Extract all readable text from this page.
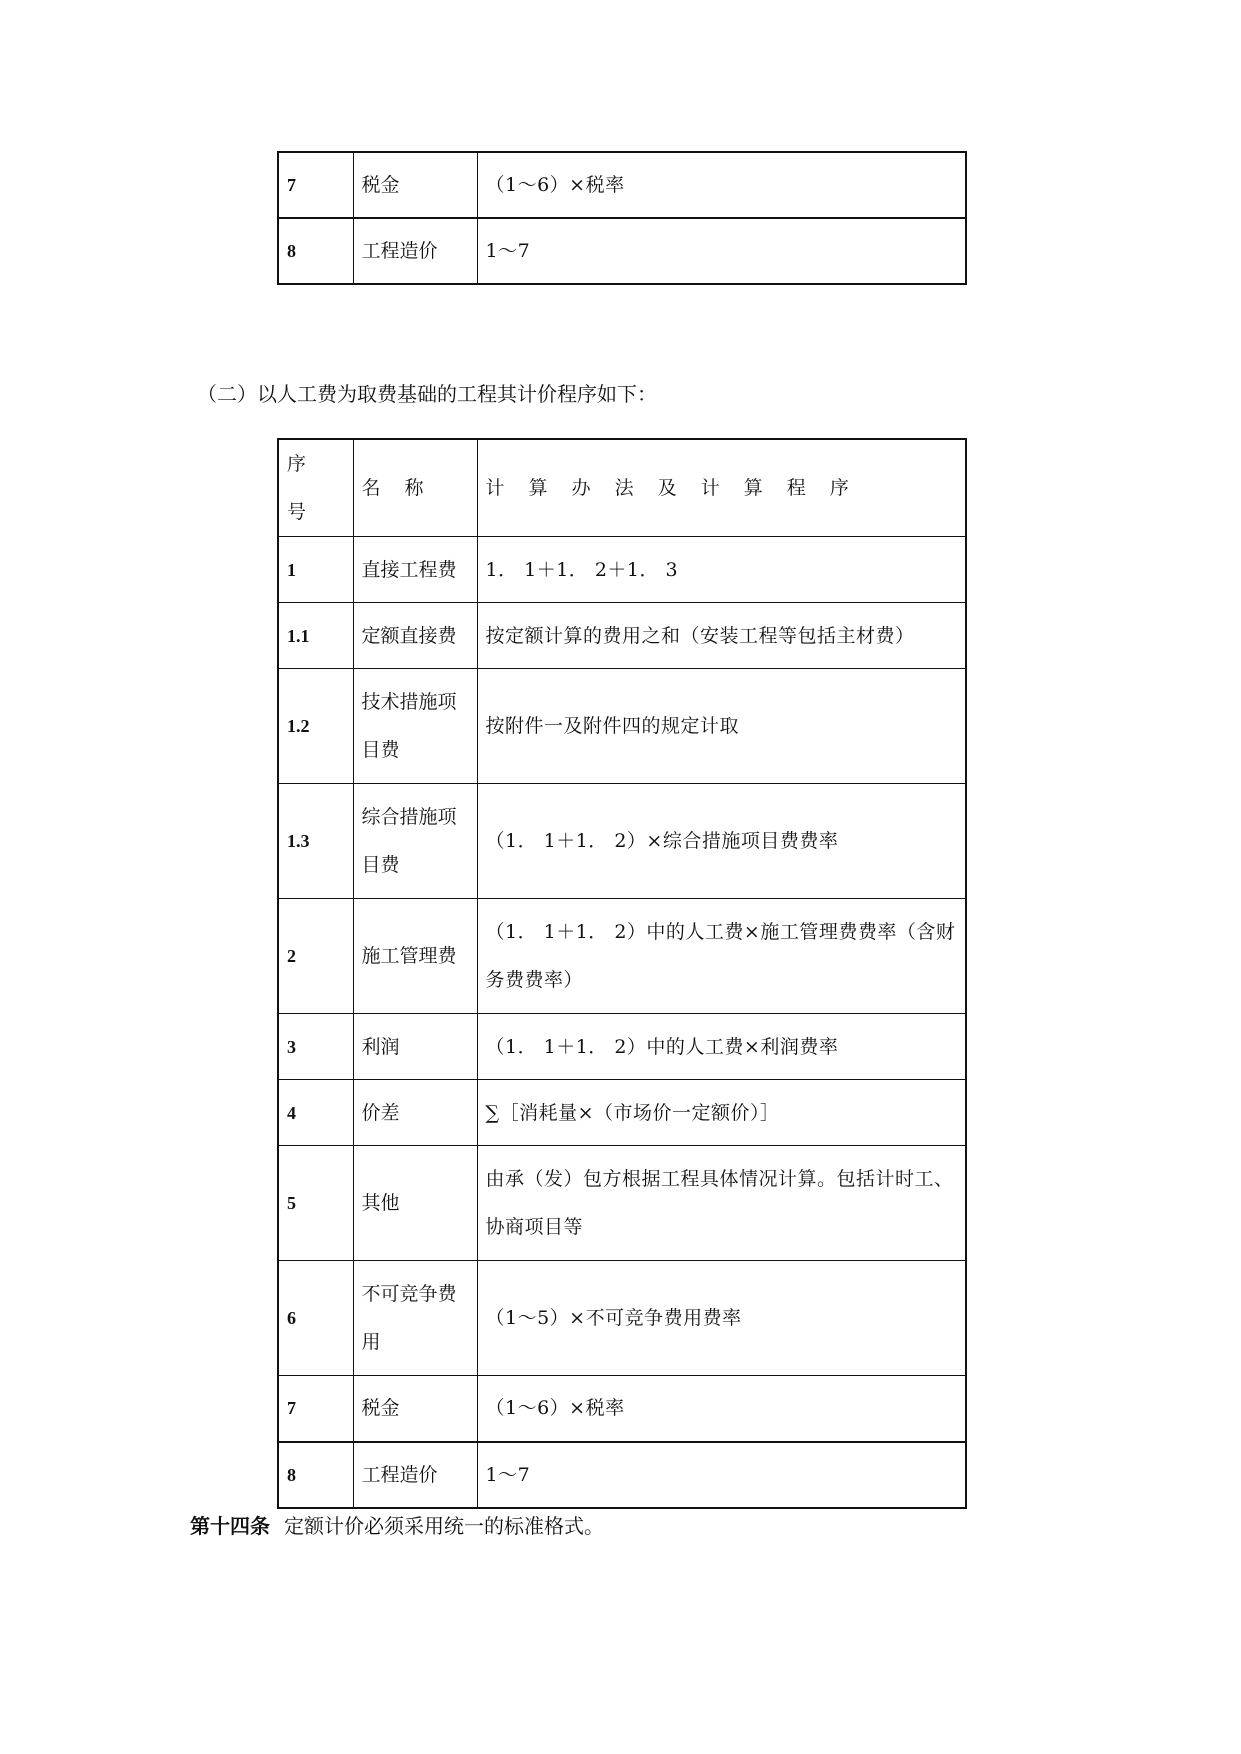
7	税金	（1～6）×税率
8	工程造价	1～7
（二）以人工费为取费基础的工程其计价程序如下：
序 号	名 称	计 算 办 法 及 计 算 程 序
1	直接工程费	1． 1＋1． 2＋1． 3
1.1	定额直接费	按定额计算的费用之和（安装工程等包括主材费）
1.2	技术措施项目费	按附件一及附件四的规定计取
1.3	综合措施项目费	（1． 1＋1． 2）×综合措施项目费费率
2	施工管理费	（1． 1＋1． 2）中的人工费×施工管理费费率（含财务费费率）
3	利润	（1． 1＋1． 2）中的人工费×利润费率
4	价差	∑［消耗量×（市场价一定额价）］
5	其他	由承（发）包方根据工程具体情况计算。包括计时工、协商项目等
6	不可竞争费用	（1～5）×不可竞争费用费率
7	税金	（1～6）×税率
8	工程造价	1～7
第十四条 定额计价必须采用统一的标准格式。
